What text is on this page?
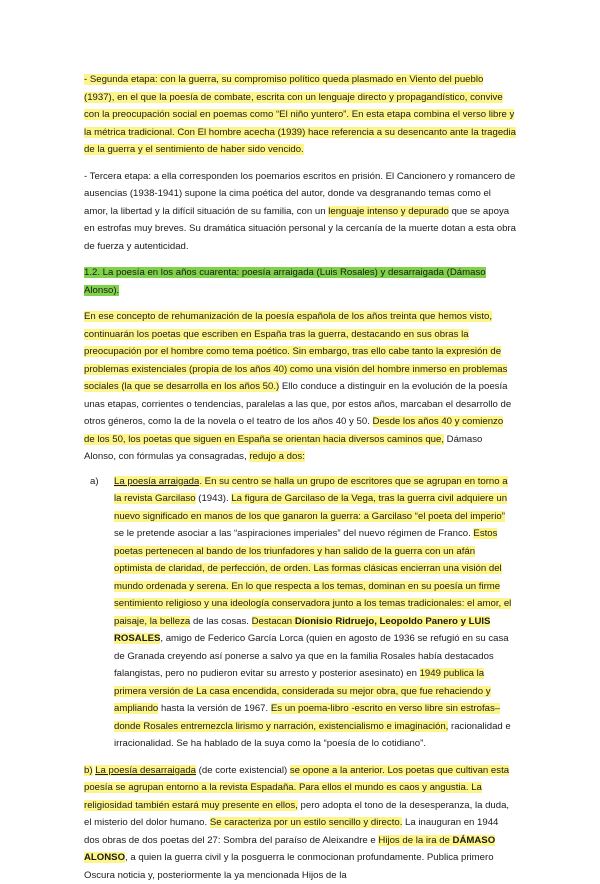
- Segunda etapa: con la guerra, su compromiso político queda plasmado en Viento del pueblo (1937), en el que la poesía de combate, escrita con un lenguaje directo y propagandístico, convive con la preocupación social en poemas como “El niño yuntero”. En esta etapa combina el verso libre y la métrica tradicional. Con El hombre acecha (1939) hace referencia a su desencanto ante la tragedia de la guerra y el sentimiento de haber sido vencido.

- Tercera etapa: a ella corresponden los poemarios escritos en prisión. El Cancionero y romancero de ausencias (1938-1941) supone la cima poética del autor, donde va desgranando temas como el amor, la libertad y la difícil situación de su familia, con un lenguaje intenso y depurado que se apoya en estrofas muy breves. Su dramática situación personal y la cercanía de la muerte dotan a esta obra de fuerza y autenticidad.

1.2. La poesía en los años cuarenta: poesía arraigada (Luis Rosales) y desarraigada (Dámaso Alonso).

En ese concepto de rehumanización de la poesía española de los años treinta que hemos visto, continuarán los poetas que escriben en España tras la guerra, destacando en sus obras la preocupación por el hombre como tema poético. Sin embargo, tras ello cabe tanto la expresión de problemas existenciales (propia de los años 40) como una visión del hombre inmerso en problemas sociales (la que se desarrolla en los años 50.) Ello conduce a distinguir en la evolución de la poesía unas etapas, corrientes o tendencias, paralelas a las que, por estos años, marcaban el desarrollo de otros géneros, como la de la novela o el teatro de los años 40 y 50. Desde los años 40 y comienzo de los 50, los poetas que siguen en España se orientan hacia diversos caminos que, Dámaso Alonso, con fórmulas ya consagradas, redujo a dos:

a) La poesía arraigada. En su centro se halla un grupo de escritores que se agrupan en torno a la revista Garcilaso (1943). La figura de Garcilaso de la Vega, tras la guerra civil adquiere un nuevo significado en manos de los que ganaron la guerra: a Garcilaso “el poeta del imperio” se le pretende asociar a las “aspiraciones imperiales” del nuevo régimen de Franco. Estos poetas pertenecen al bando de los triunfadores y han salido de la guerra con un afán optimista de claridad, de perfección, de orden. Las formas clásicas encierran una visión del mundo ordenada y serena. En lo que respecta a los temas, dominan en su poesía un firme sentimiento religioso y una ideología conservadora junto a los temas tradicionales: el amor, el paisaje, la belleza de las cosas. Destacan Dionisio Ridruejo, Leopoldo Panero y LUIS ROSALES, amigo de Federico García Lorca (quien en agosto de 1936 se refugió en su casa de Granada creyendo así ponerse a salvo ya que en la familia Rosales había destacados falangistas, pero no pudieron evitar su arresto y posterior asesinato) en 1949 publica la primera versión de La casa encendida, considerada su mejor obra, que fue rehaciendo y ampliando hasta la versión de 1967. Es un poema-libro -escrito en verso libre sin estrofas– donde Rosales entremezcla lirismo y narración, existencialismo e imaginación, racionalidad e irracionalidad. Se ha hablado de la suya como la “poesía de lo cotidiano”.

b) La poesía desarraigada (de corte existencial) se opone a la anterior. Los poetas que cultivan esta poesía se agrupan entorno a la revista Espadaña. Para ellos el mundo es caos y angustia. La religiosidad también estará muy presente en ellos, pero adopta el tono de la desesperanza, la duda, el misterio del dolor humano. Se caracteriza por un estilo sencillo y directo. La inauguran en 1944 dos obras de dos poetas del 27: Sombra del paraíso de Aleixandre e Hijos de la ira de DÁMASO ALONSO, a quien la guerra civil y la posguerra le conmocionan profundamente. Publica primero Oscura noticia y, posteriormente la ya mencionada Hijos de la
